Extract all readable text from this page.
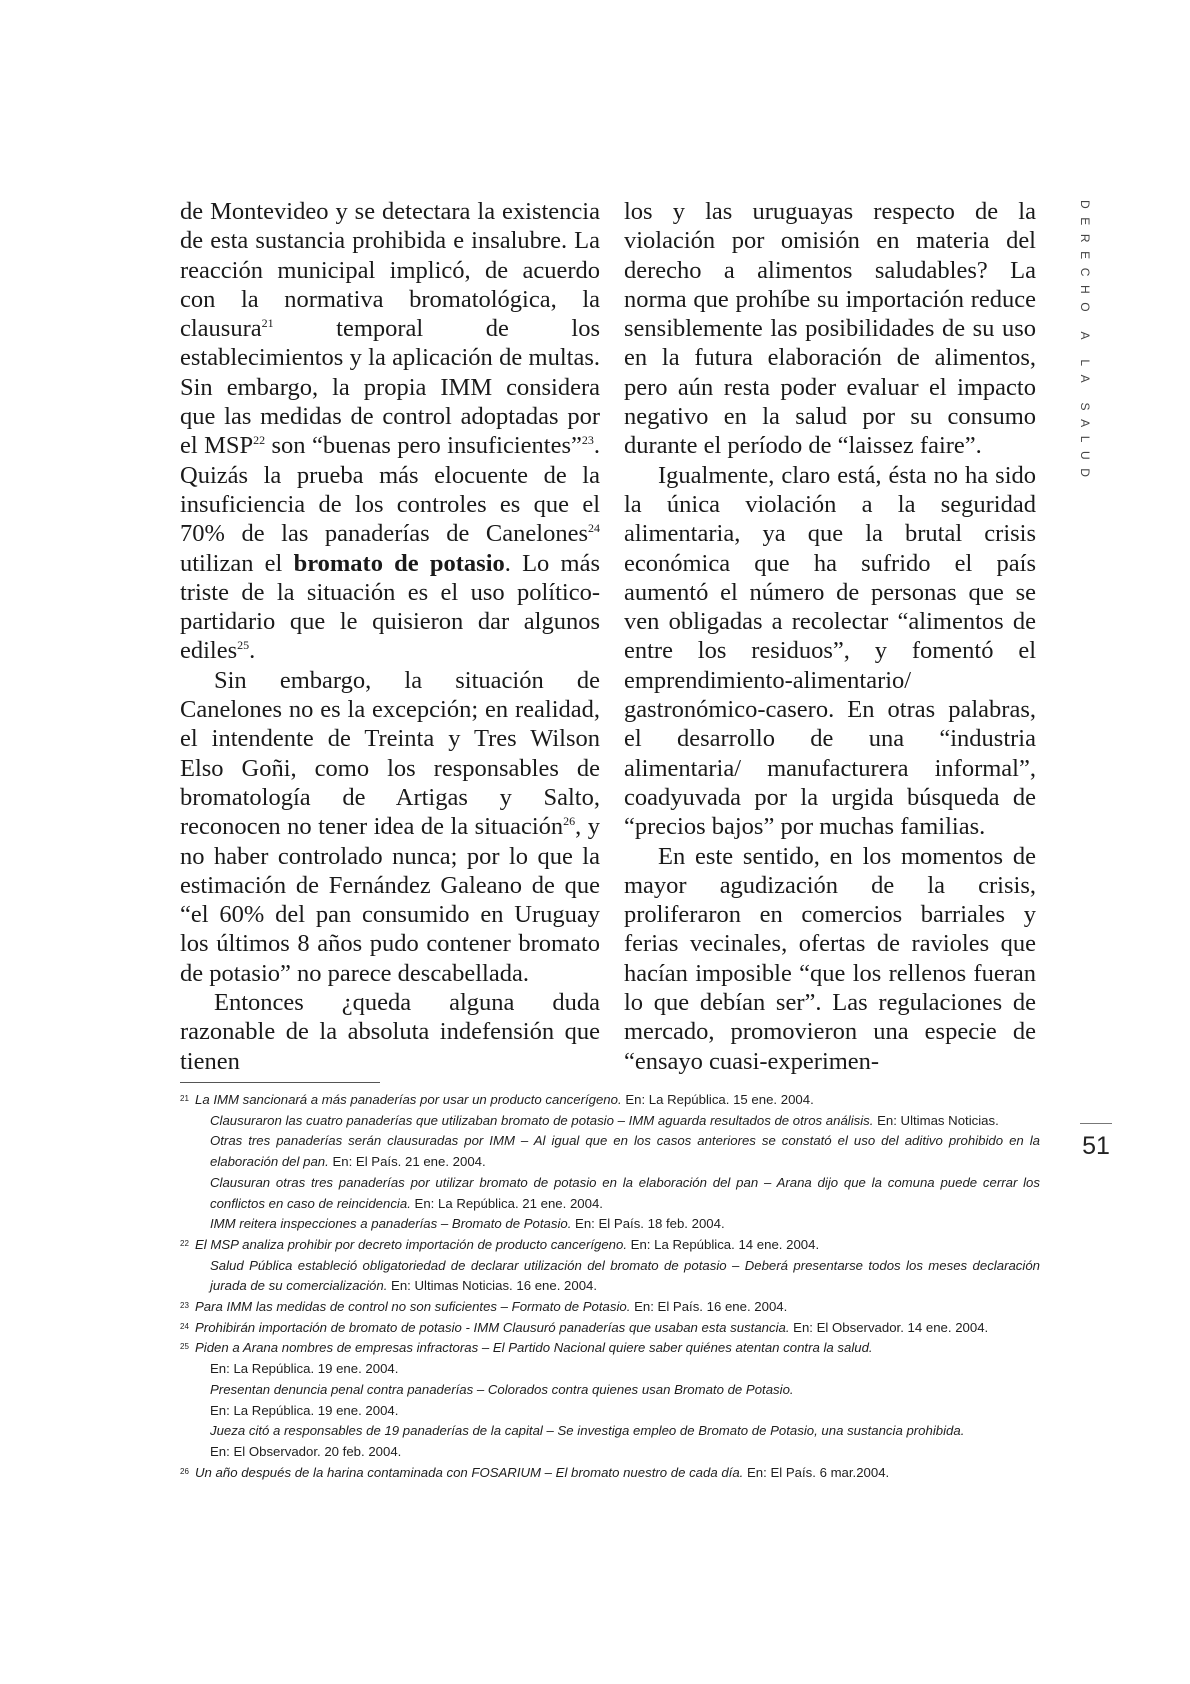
de Montevideo y se detectara la existencia de esta sustancia prohibida e insalubre. La reacción municipal implicó, de acuerdo con la normativa bromatológica, la clausura$^{21}$ temporal de los establecimientos y la aplicación de multas. Sin embargo, la propia IMM considera que las medidas de control adoptadas por el MSP$^{22}$ son “buenas pero insuficientes”$^{23}$. Quizás la prueba más elocuente de la insuficiencia de los controles es que el 70% de las panaderías de Canelones$^{24}$ utilizan el bromato de potasio. Lo más triste de la situación es el uso político-partidario que le quisieron dar algunos ediles$^{25}$.

Sin embargo, la situación de Canelones no es la excepción; en realidad, el intendente de Treinta y Tres Wilson Elso Goñi, como los responsables de bromatología de Artigas y Salto, reconocen no tener idea de la situación$^{26}$, y no haber controlado nunca; por lo que la estimación de Fernández Galeano de que “el 60% del pan consumido en Uruguay los últimos 8 años pudo contener bromato de potasio” no parece descabellada.

Entonces ¿queda alguna duda razonable de la absoluta indefensión que tienen

los y las uruguayas respecto de la violación por omisión en materia del derecho a alimentos saludables? La norma que prohíbe su importación reduce sensiblemente las posibilidades de su uso en la futura elaboración de alimentos, pero aún resta poder evaluar el impacto negativo en la salud por su consumo durante el período de “laissez faire”.

Igualmente, claro está, ésta no ha sido la única violación a la seguridad alimentaria, ya que la brutal crisis económica que ha sufrido el país aumentó el número de personas que se ven obligadas a recolectar “alimentos de entre los residuos”, y fomentó el emprendimiento-alimentario/ gastronómico-casero. En otras palabras, el desarrollo de una “industria alimentaria/ manufacturera informal”, coadyuvada por la urgida búsqueda de “precios bajos” por muchas familias.

En este sentido, en los momentos de mayor agudización de la crisis, proliferaron en comercios barriales y ferias vecinales, ofertas de ravioles que hacían imposible “que los rellenos fueran lo que debían ser”. Las regulaciones de mercado, promovieron una especie de “ensayo cuasi-experimen-

DERECHO A LA SALUD
21 La IMM sancionará a más panaderías por usar un producto cancerígeno. En: La República. 15 ene. 2004.
Clausuraron las cuatro panaderías que utilizaban bromato de potasio – IMM aguarda resultados de otros análisis. En: Ultimas Noticias.
Otras tres panaderías serán clausuradas por IMM – Al igual que en los casos anteriores se constató el uso del aditivo prohibido en la elaboración del pan. En: El País. 21 ene. 2004.
Clausuran otras tres panaderías por utilizar bromato de potasio en la elaboración del pan – Arana dijo que la comuna puede cerrar los conflictos en caso de reincidencia. En: La República. 21 ene. 2004.
IMM reitera inspecciones a panaderías – Bromato de Potasio. En: El País. 18 feb. 2004.
22 El MSP analiza prohibir por decreto importación de producto cancerígeno. En: La República. 14 ene. 2004.
Salud Pública estableció obligatoriedad de declarar utilización del bromato de potasio – Deberá presentarse todos los meses declaración jurada de su comercialización. En: Ultimas Noticias. 16 ene. 2004.
23 Para IMM las medidas de control no son suficientes – Formato de Potasio. En: El País. 16 ene. 2004.
24 Prohibirán importación de bromato de potasio - IMM Clausuró panaderías que usaban esta sustancia. En: El Observador. 14 ene. 2004.
25 Piden a Arana nombres de empresas infractoras – El Partido Nacional quiere saber quiénes atentan contra la salud.
En: La República. 19 ene. 2004.
Presentan denuncia penal contra panaderías – Colorados contra quienes usan Bromato de Potasio.
En: La República. 19 ene. 2004.
Jueza citó a responsables de 19 panaderías de la capital – Se investiga empleo de Bromato de Potasio, una sustancia prohibida.
En: El Observador. 20 feb. 2004.
26 Un año después de la harina contaminada con FOSARIUM – El bromato nuestro de cada día. En: El País. 6 mar.2004.
51
